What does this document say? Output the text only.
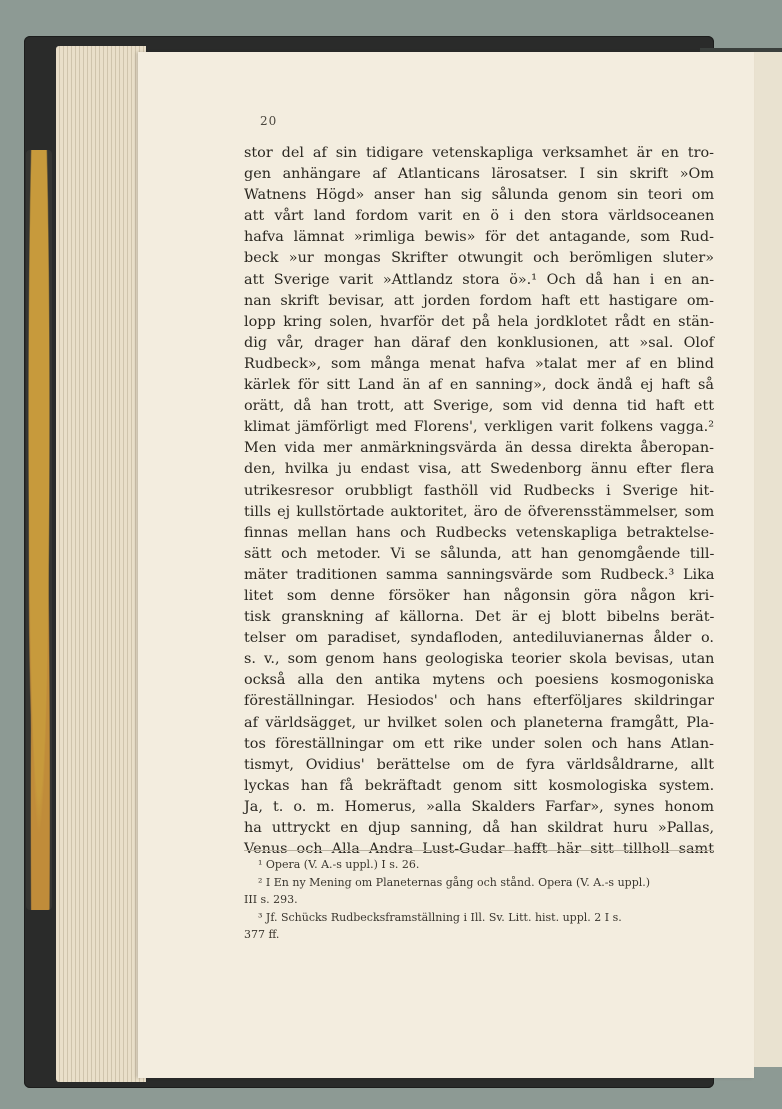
20
stor del af sin tidigare vetenskapliga verksamhet är en tro-
gen anhängare af Atlanticans lärosatser. I sin skrift »Om
Watnens Högd» anser han sig sålunda genom sin teori om
att vårt land fordom varit en ö i den stora världsoceanen
hafva lämnat »rimliga bewis» för det antagande, som Rud-
beck »ur mongas Skrifter otwungit och berömligen sluter»
att Sverige varit »Attlandz stora ö».¹ Och då han i en an-
nan skrift bevisar, att jorden fordom haft ett hastigare om-
lopp kring solen, hvarför det på hela jordklotet rådt en stän-
dig vår, drager han däraf den konklusionen, att »sal. Olof
Rudbeck», som många menat hafva »talat mer af en blind
kärlek för sitt Land än af en sanning», dock ändå ej haft så
orätt, då han trott, att Sverige, som vid denna tid haft ett
klimat jämförligt med Florens', verkligen varit folkens vagga.²
Men vida mer anmärkningsvärda än dessa direkta åberopan-
den, hvilka ju endast visa, att Swedenborg ännu efter flera
utrikesresor orubbligt fasthöll vid Rudbecks i Sverige hit-
tills ej kullstörtade auktoritet, äro de öfverensstämmelser, som
finnas mellan hans och Rudbecks vetenskapliga betraktelse-
sätt och metoder. Vi se sålunda, att han genomgående till-
mäter traditionen samma sanningsvärde som Rudbeck.³ Lika
litet som denne försöker han någonsin göra någon kri-
tisk granskning af källorna. Det är ej blott bibelns berät-
telser om paradiset, syndafloden, antediluvianernas ålder o.
s. v., som genom hans geologiska teorier skola bevisas, utan
också alla den antika mytens och poesiens kosmogoniska
föreställningar. Hesiodos' och hans efterföljares skildringar
af världsägget, ur hvilket solen och planeterna framgått, Pla-
tos föreställningar om ett rike under solen och hans Atlan-
tismyt, Ovidius' berättelse om de fyra världsåldrarne, allt
lyckas han få bekräftadt genom sitt kosmologiska system.
Ja, t. o. m. Homerus, »alla Skalders Farfar», synes honom
ha uttryckt en djup sanning, då han skildrat huru »Pallas,
Venus och Alla Andra Lust-Gudar hafft här sitt tillholl samt
¹ Opera (V. A.-s uppl.) I s. 26.
² I En ny Mening om Planeternas gång och stånd. Opera (V. A.-s uppl.)
III s. 293.
³ Jf. Schücks Rudbecksframställning i Ill. Sv. Litt. hist. uppl. 2 I s.
377 ff.
